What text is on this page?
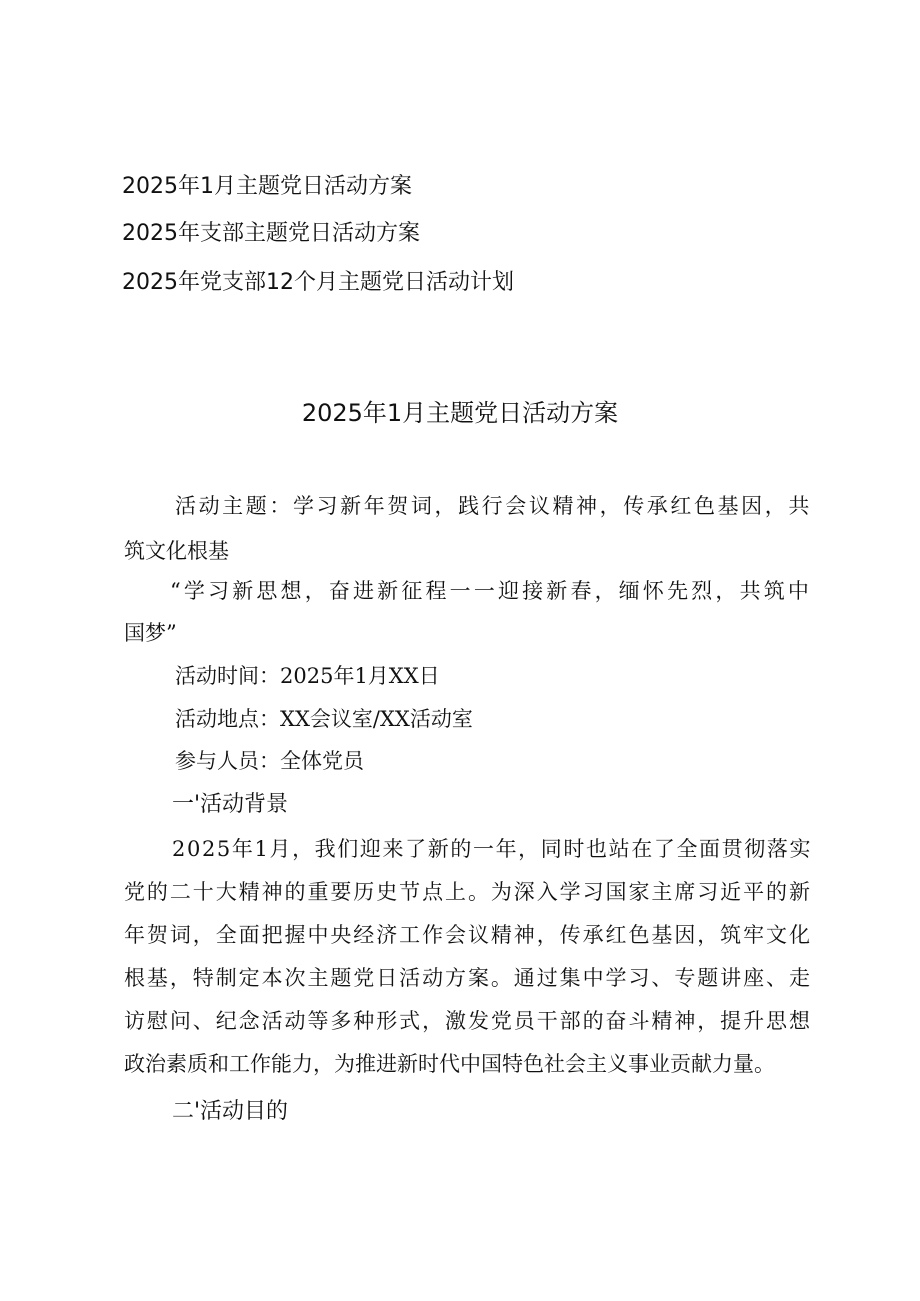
2025年1月主题党日活动方案
2025年支部主题党日活动方案
2025年党支部12个月主题党日活动计划
2025年1月主题党日活动方案
活动主题：学习新年贺词，践行会议精神，传承红色基因，共
筑文化根基
“学习新思想，奋进新征程一一迎接新春，缅怀先烈，共筑中
国梦”
活动时间：2025年1月XX日
活动地点：XX会议室/XX活动室
参与人员：全体党员
一'活动背景
2025年1月，我们迎来了新的一年，同时也站在了全面贯彻落实
党的二十大精神的重要历史节点上。为深入学习国家主席习近平的新
年贺词，全面把握中央经济工作会议精神，传承红色基因，筑牢文化
根基，特制定本次主题党日活动方案。通过集中学习、专题讲座、走
访慰问、纪念活动等多种形式，激发党员干部的奋斗精神，提升思想
政治素质和工作能力，为推进新时代中国特色社会主义事业贡献力量。
二'活动目的
